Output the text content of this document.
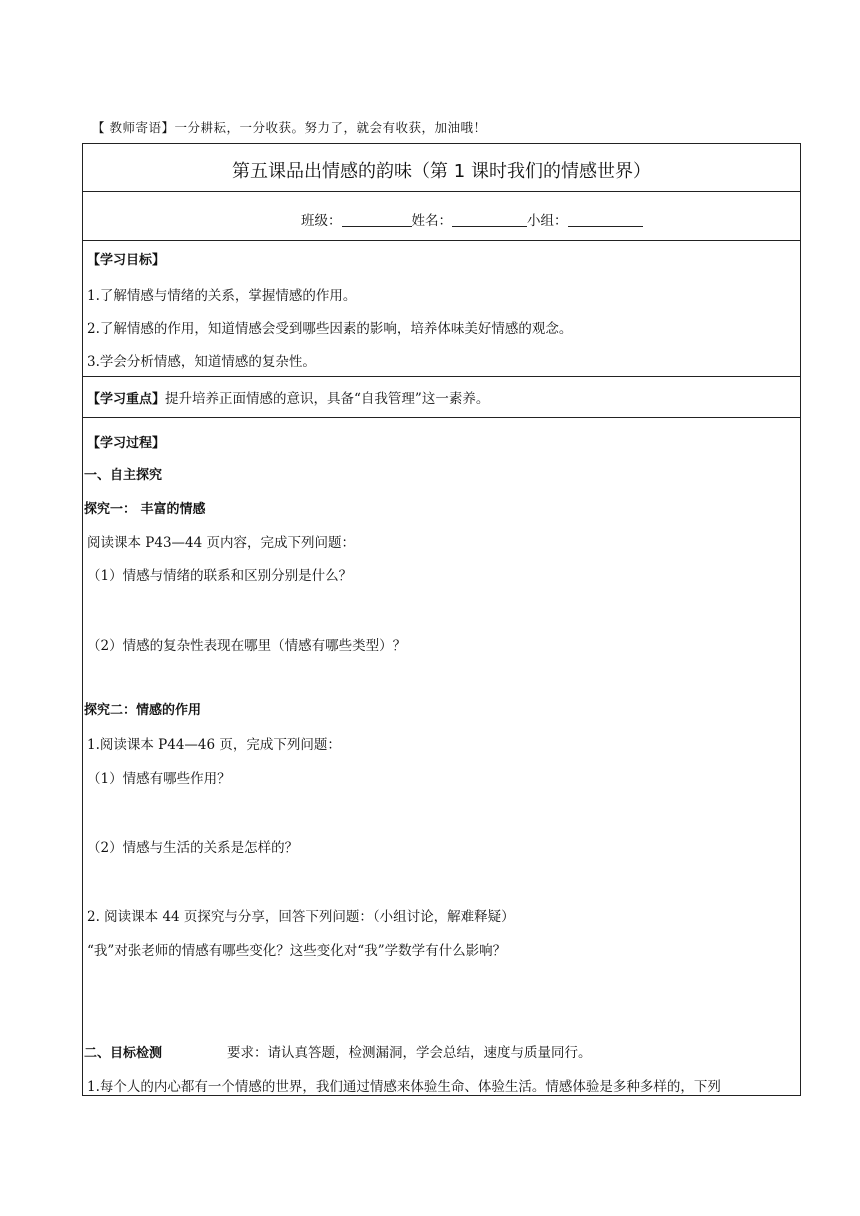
【 教师寄语】一分耕耘，一分收获。努力了，就会有收获，加油哦！
第五课品出情感的韵味（第 1 课时我们的情感世界）
班级：	姓名：	小组：
【学习目标】
1.了解情感与情绪的关系，掌握情感的作用。
2.了解情感的作用，知道情感会受到哪些因素的影响，培养体味美好情感的观念。
3.学会分析情感，知道情感的复杂性。
【学习重点】提升培养正面情感的意识，具备“自我管理”这一素养。
【学习过程】
一、自主探究
探究一： 丰富的情感
阅读课本 P43—44 页内容，完成下列问题：
（1）情感与情绪的联系和区别分别是什么？
（2）情感的复杂性表现在哪里（情感有哪些类型）？
探究二：情感的作用
1.阅读课本 P44—46 页，完成下列问题：
（1）情感有哪些作用？
（2）情感与生活的关系是怎样的？
2. 阅读课本 44 页探究与分享，回答下列问题：（小组讨论，解难释疑）
“我”对张老师的情感有哪些变化？这些变化对“我”学数学有什么影响？
二、目标检测	要求：请认真答题，检测漏洞，学会总结，速度与质量同行。
1.每个人的内心都有一个情感的世界，我们通过情感来体验生命、体验生活。情感体验是多种多样的，下列
